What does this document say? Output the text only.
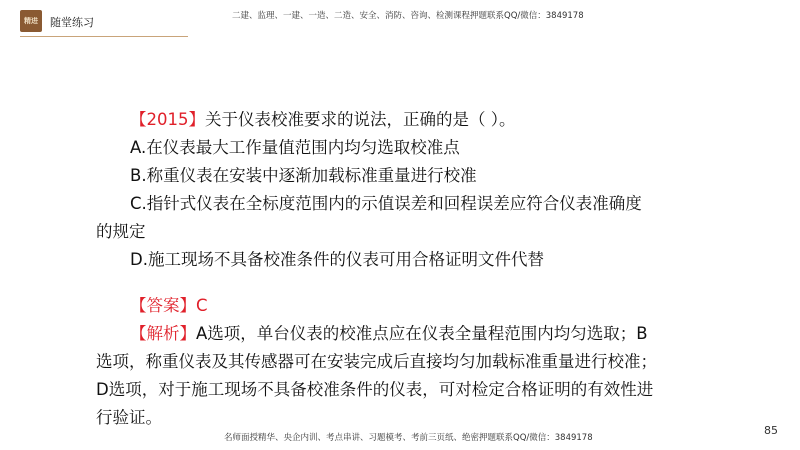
精进	随堂练习	二建、监理、一建、一造、二造、安全、消防、咨询、检测课程押题联系QQ/微信：3849178
【2015】关于仪表校准要求的说法，正确的是（ ）。
A.在仪表最大工作量值范围内均匀选取校准点
B.称重仪表在安装中逐渐加载标准重量进行校准
C.指针式仪表在全标度范围内的示值误差和回程误差应符合仪表准确度
的规定
D.施工现场不具备校准条件的仪表可用合格证明文件代替
【答案】C
【解析】A选项，单台仪表的校准点应在仪表全量程范围内均匀选取；B
选项，称重仪表及其传感器可在安装完成后直接均匀加载标准重量进行校准；
D选项，对于施工现场不具备校准条件的仪表，可对检定合格证明的有效性进
行验证。
名师面授精华、央企内训、考点串讲、习题模考、考前三页纸、绝密押题联系QQ/微信：3849178
85
